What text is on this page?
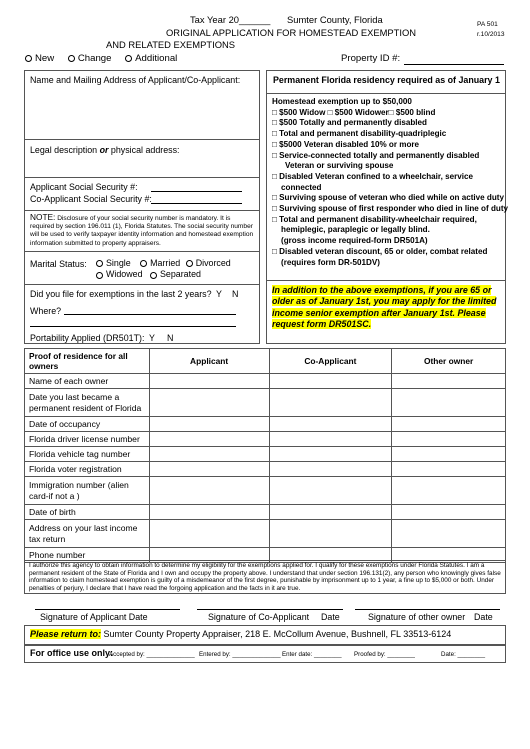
Tax Year 20______ Sumter County, Florida	PA 501
r.10/2013
ORIGINAL APPLICATION FOR HOMESTEAD EXEMPTION
AND RELATED EXEMPTIONS
New Change Additional	Property ID #:
Name and Mailing Address of Applicant/Co-Applicant:
Legal description or physical address:
Applicant Social Security #:
Co-Applicant Social Security #:
NOTE: Disclosure of your social security number is mandatory. It is required by section 196.011 (1), Florida Statutes. The social security number will be used to verify taxpayer identity information and homestead exemption information submitted to property appraisers.
Marital Status:	Single Married Divorced
Widowed Separated
Did you file for exemptions in the last 2 years? Y N
Where?
Portability Applied (DR501T): Y N
Permanent Florida residency required as of January 1
Homestead exemption up to $50,000
□ $500 Widow □ $500 Widower□ $500 blind
□ $500 Totally and permanently disabled
□ Total and permanent disability-quadriplegic
□ $5000 Veteran disabled 10% or more
□ Service-connected totally and permanently disabled
Veteran or surviving spouse
□ Disabled Veteran confined to a wheelchair, service
connected
□ Surviving spouse of veteran who died while on active duty
□ Surviving spouse of first responder who died in line of duty
□ Total and permanent disability-wheelchair required,
hemiplegic, paraplegic or legally blind.
(gross income required-form DR501A)
□ Disabled veteran discount, 65 or older, combat related
(requires form DR-501DV)
In addition to the above exemptions, if you are 65 or older as of January 1st, you may apply for the limited income senior exemption after January 1st. Please request form DR501SC.
Proof of residence for all owners	Applicant	Co-Applicant	Other owner
Name of each owner			
Date you last became a permanent resident of Florida			
Date of occupancy			
Florida driver license number			
Florida vehicle tag number			
Florida voter registration			
Immigration number (alien card-if not a )			
Date of birth			
Address on your last income tax return			
Phone number			
I authorize this agency to obtain information to determine my eligibility for the exemptions applied for. I qualify for these exemptions under Florida Statutes. I am a permanent resident of the State of Florida and I own and occupy the property above. I understand that under section 196.131(2), any person who knowingly gives false information to claim homestead exemption is guilty of a misdemeanor of the first degree, punishable by imprisonment up to 1 year, a fine up to $5,000 or both. Under penalties of perjury, I declare that I have read the forgoing application and the facts in it are true.
Signature of Applicant Date	Signature of Co-Applicant Date	Signature of other owner Date
Please return to: Sumter County Property Appraiser, 218 E. McCollum Avenue, Bushnell, FL 33513-6124
For office use only:
Accepted by: ______________ Entered by: ______________ Enter date: ________ Proofed by: ________	Date: ________
